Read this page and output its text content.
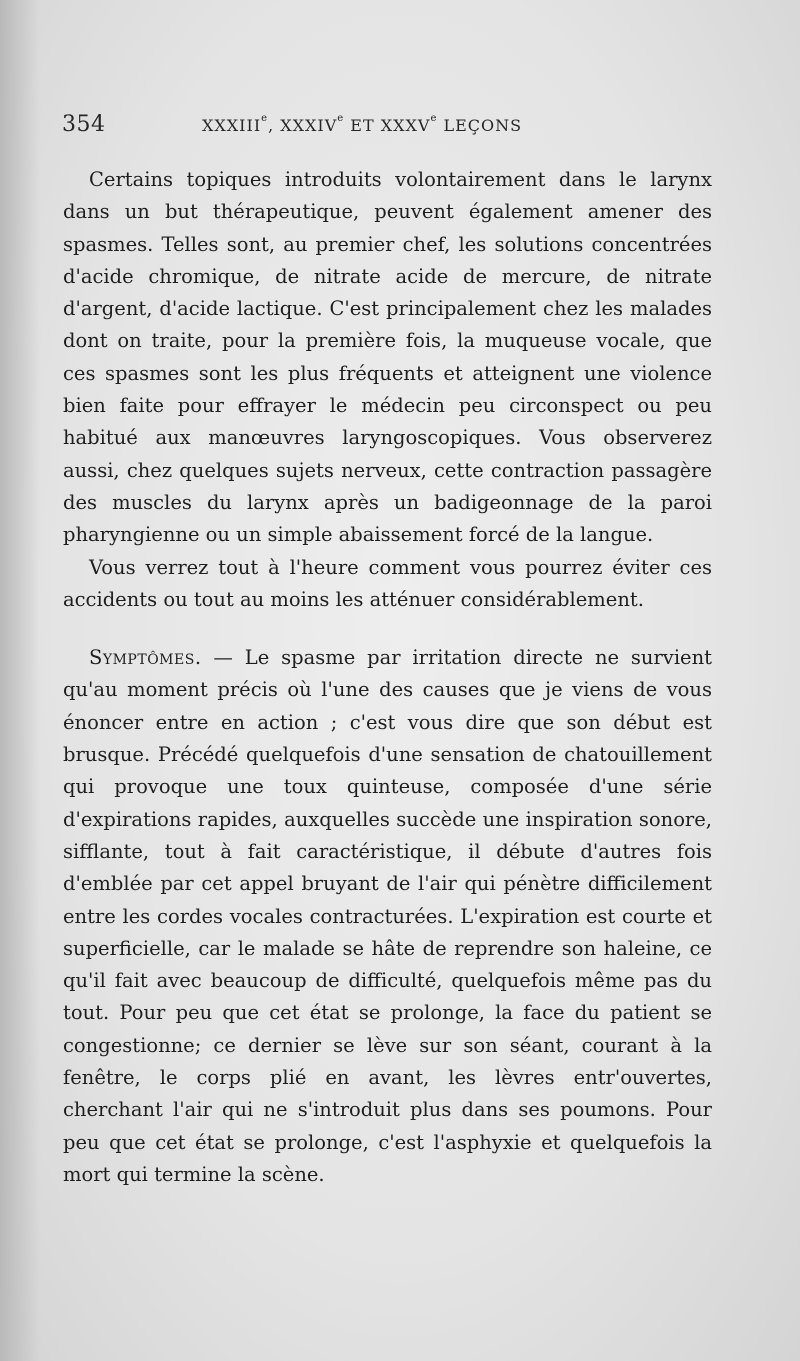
354	XXXIIIe, XXXIVe ET XXXVe LEÇONS

Certains topiques introduits volontairement dans le larynx dans un but thérapeutique, peuvent également amener des spasmes. Telles sont, au premier chef, les solutions concentrées d'acide chromique, de nitrate acide de mercure, de nitrate d'argent, d'acide lactique. C'est principalement chez les malades dont on traite, pour la première fois, la muqueuse vocale, que ces spasmes sont les plus fréquents et atteignent une violence bien faite pour effrayer le médecin peu circonspect ou peu habitué aux manœuvres laryngoscopiques. Vous observerez aussi, chez quelques sujets nerveux, cette contraction passagère des muscles du larynx après un badigeonnage de la paroi pharyngienne ou un simple abaissement forcé de la langue.

Vous verrez tout à l'heure comment vous pourrez éviter ces accidents ou tout au moins les atténuer considérablement.

Symptômes. — Le spasme par irritation directe ne survient qu'au moment précis où l'une des causes que je viens de vous énoncer entre en action ; c'est vous dire que son début est brusque. Précédé quelquefois d'une sensation de chatouillement qui provoque une toux quinteuse, composée d'une série d'expirations rapides, auxquelles succède une inspiration sonore, sifflante, tout à fait caractéristique, il débute d'autres fois d'emblée par cet appel bruyant de l'air qui pénètre difficilement entre les cordes vocales contracturées. L'expiration est courte et superficielle, car le malade se hâte de reprendre son haleine, ce qu'il fait avec beaucoup de difficulté, quelquefois même pas du tout. Pour peu que cet état se prolonge, la face du patient se congestionne; ce dernier se lève sur son séant, courant à la fenêtre, le corps plié en avant, les lèvres entr'ouvertes, cherchant l'air qui ne s'introduit plus dans ses poumons. Pour peu que cet état se prolonge, c'est l'asphyxie et quelquefois la mort qui termine la scène.
